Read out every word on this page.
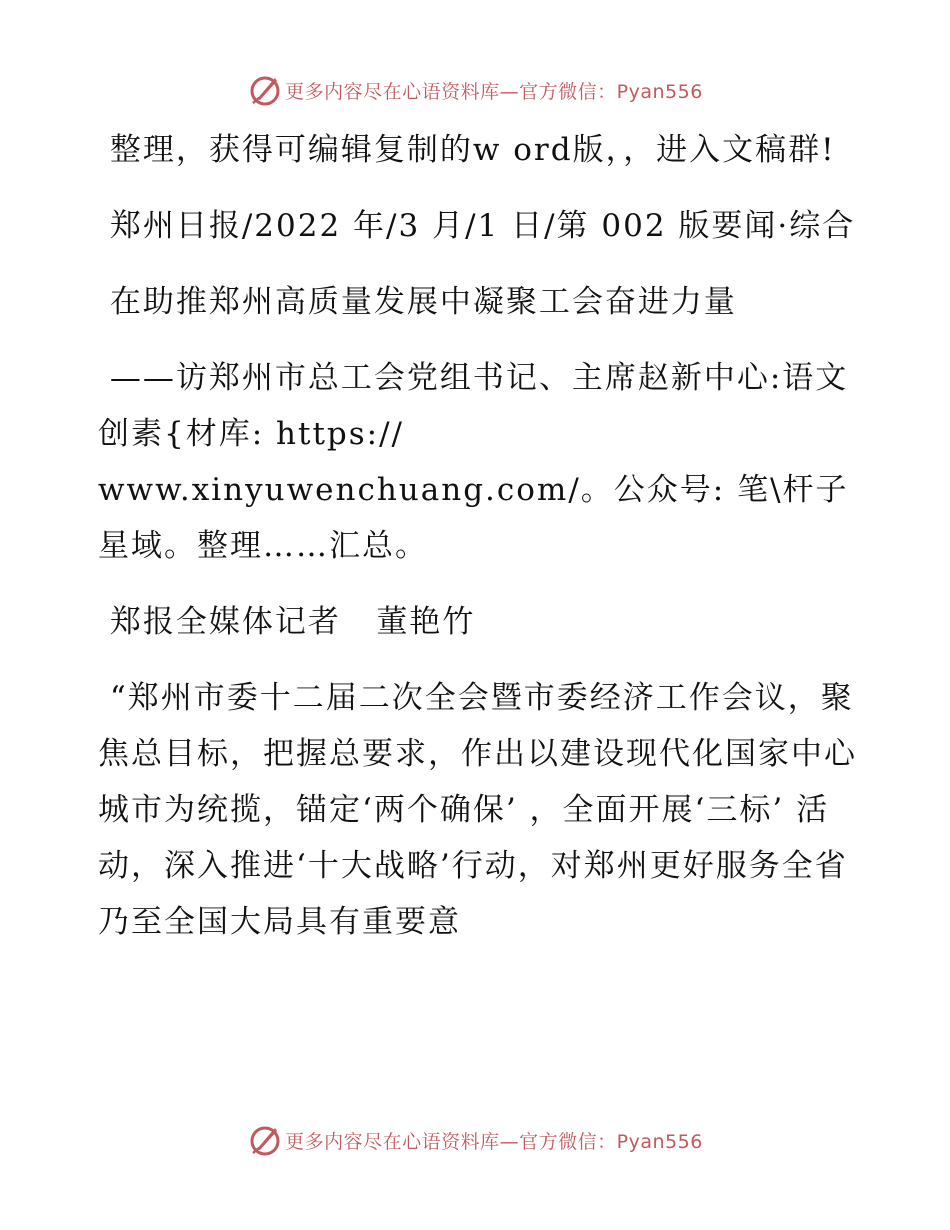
更多内容尽在心语资料库—官方微信：Pyan556

整理，获得可编辑复制的w ord版，，进入文稿群!

郑州日报/2022 年/3 月/1 日/第 002 版要闻·综合

在助推郑州高质量发展中凝聚工会奋进力量

——访郑州市总工会党组书记、主席赵新中心:语文创素{材库: https://

www.xinyuwenchuang.com/。公众号: 笔\杆子星域。整理……汇总。

郑报全媒体记者   董艳竹

“郑州市委十二届二次全会暨市委经济工作会议，聚焦总目标，把握总要求，作出以建设现代化国家中心城市为统揽，锚定‘两个确保’ ，全面开展‘三标’ 活动，深入推进‘十大战略’行动，对郑州更好服务全省乃至全国大局具有重要意

更多内容尽在心语资料库—官方微信：Pyan556
